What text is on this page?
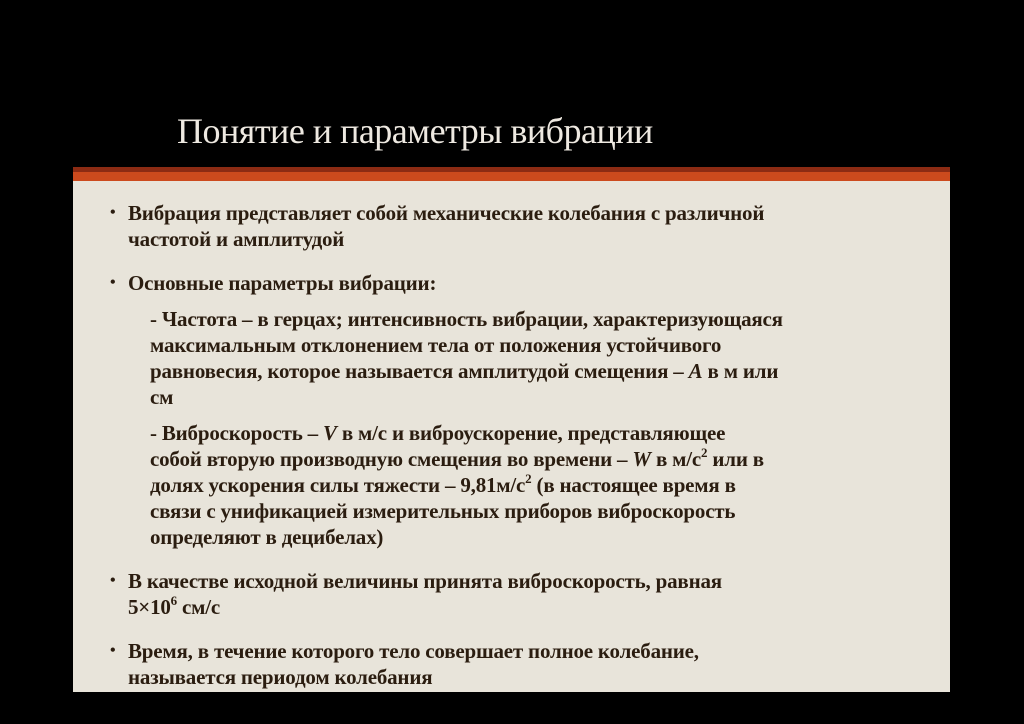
Понятие и параметры вибрации
• Вибрация представляет собой механические колебания с различной
частотой и амплитудой
• Основные параметры вибрации:
- Частота – в герцах; интенсивность вибрации, характеризующаяся
максимальным отклонением тела от положения устойчивого
равновесия, которое называется амплитудой смещения – A в м или
см
- Виброскорость – V в м/с и виброускорение, представляющее
собой вторую производную смещения во времени – W в $м/с^2$ или в
долях ускорения силы тяжести – $9,81м/с^2$ (в настоящее время в
связи с унификацией измерительных приборов виброскорость
определяют в децибелах)
• В качестве исходной величины принята виброскорость, равная
$5\times 10^6$ см/с
• Время, в течение которого тело совершает полное колебание,
называется периодом колебания
